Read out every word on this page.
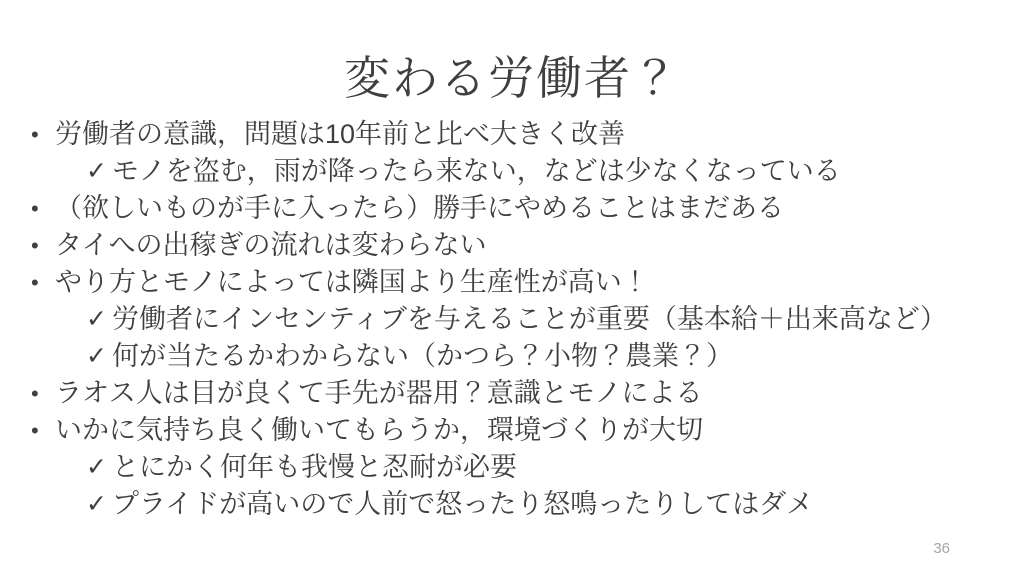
変わる労働者？
• 労働者の意識，問題は10年前と比べ大きく改善
✓ モノを盗む，雨が降ったら来ない，などは少なくなっている
• （欲しいものが手に入ったら）勝手にやめることはまだある
• タイへの出稼ぎの流れは変わらない
• やり方とモノによっては隣国より生産性が高い！
✓ 労働者にインセンティブを与えることが重要（基本給＋出来高など）
✓ 何が当たるかわからない（かつら？小物？農業？）
• ラオス人は目が良くて手先が器用？意識とモノによる
• いかに気持ち良く働いてもらうか，環境づくりが大切
✓ とにかく何年も我慢と忍耐が必要
✓ プライドが高いので人前で怒ったり怒鳴ったりしてはダメ
36
